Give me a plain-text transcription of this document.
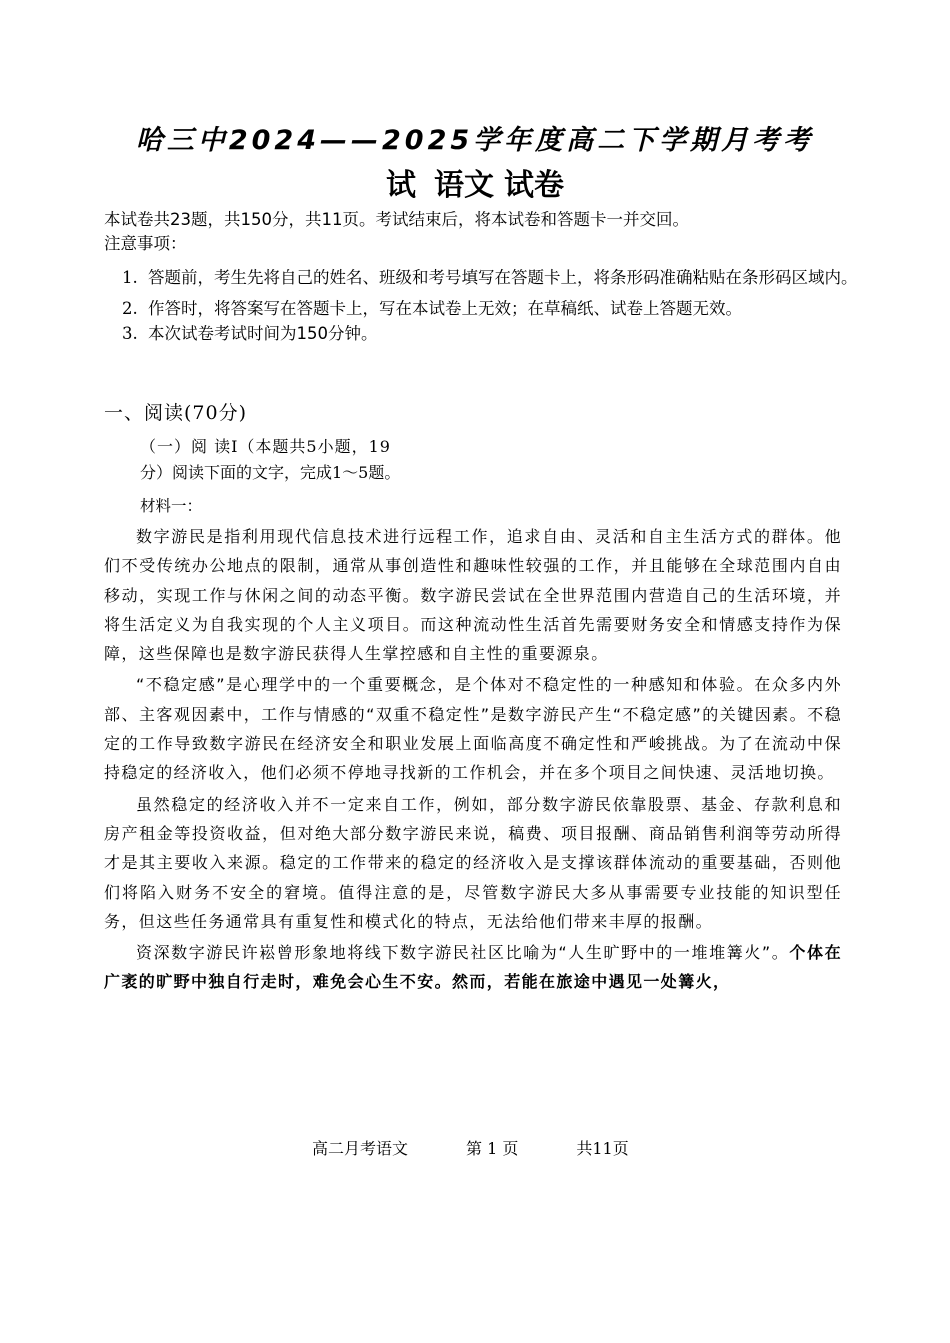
哈三中2024——2025学年度高二下学期月考考
试 语文 试卷
本试卷共23题，共150分，共11页。考试结束后，将本试卷和答题卡一并交回。
注意事项：
1. 答题前，考生先将自己的姓名、班级和考号填写在答题卡上，将条形码准确粘贴在条形码区域内。
2. 作答时，将答案写在答题卡上，写在本试卷上无效；在草稿纸、试卷上答题无效。
3. 本次试卷考试时间为150分钟。
一、阅读(70分)
（一）阅 读Ⅰ（本题共5小题，19
分）阅读下面的文字，完成1～5题。
材料一：

数字游民是指利用现代信息技术进行远程工作，追求自由、灵活和自主生活方式的群体。他们不受传统办公地点的限制，通常从事创造性和趣味性较强的工作，并且能够在全球范围内自由移动，实现工作与休闲之间的动态平衡。数字游民尝试在全世界范围内营造自己的生活环境，并将生活定义为自我实现的个人主义项目。而这种流动性生活首先需要财务安全和情感支持作为保障，这些保障也是数字游民获得人生掌控感和自主性的重要源泉。

“不稳定感”是心理学中的一个重要概念，是个体对不稳定性的一种感知和体验。在众多内外部、主客观因素中，工作与情感的“双重不稳定性”是数字游民产生“不稳定感”的关键因素。不稳定的工作导致数字游民在经济安全和职业发展上面临高度不确定性和严峻挑战。为了在流动中保持稳定的经济收入，他们必须不停地寻找新的工作机会，并在多个项目之间快速、灵活地切换。

虽然稳定的经济收入并不一定来自工作，例如，部分数字游民依靠股票、基金、存款利息和房产租金等投资收益，但对绝大部分数字游民来说，稿费、项目报酬、商品销售利润等劳动所得才是其主要收入来源。稳定的工作带来的稳定的经济收入是支撑该群体流动的重要基础，否则他们将陷入财务不安全的窘境。值得注意的是，尽管数字游民大多从事需要专业技能的知识型任务，但这些任务通常具有重复性和模式化的特点，无法给他们带来丰厚的报酬。

资深数字游民许崧曾形象地将线下数字游民社区比喻为“人生旷野中的一堆堆篝火”。个体在广袤的旷野中独自行走时，难免会心生不安。然而，若能在旅途中遇见一处篝火，

高二月考语文	第 1 页	共11页
